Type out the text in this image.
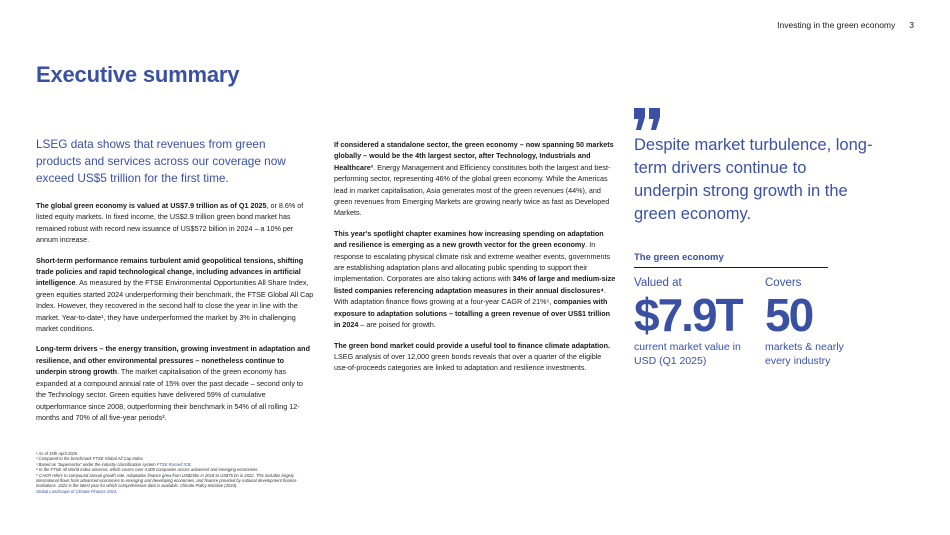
Investing in the green economy 3
Executive summary

LSEG data shows that revenues from green products and services across our coverage now exceed US$5 trillion for the first time.

The global green economy is valued at US$7.9 trillion as of Q1 2025, or 8.6% of listed equity markets. In fixed income, the US$2.9 trillion green bond market has remained robust with record new issuance of US$572 billion in 2024 – a 10% per annum increase.

Short-term performance remains turbulent amid geopolitical tensions, shifting trade policies and rapid technological change, including advances in artificial intelligence. As measured by the FTSE Environmental Opportunities All Share Index, green equities started 2024 underperforming their benchmark, the FTSE Global All Cap Index. However, they recovered in the second half to close the year in line with the market. Year-to-date¹, they have underperformed the market by 3% in challenging market conditions.

Long-term drivers – the energy transition, growing investment in adaptation and resilience, and other environmental pressures – nonetheless continue to underpin strong growth. The market capitalisation of the green economy has expanded at a compound annual rate of 15% over the past decade – second only to the Technology sector. Green equities have delivered 59% of cumulative outperformance since 2008, outperforming their benchmark in 54% of all rolling 12-months and 70% of all five-year periods².

If considered a standalone sector, the green economy – now spanning 50 markets globally – would be the 4th largest sector, after Technology, Industrials and Healthcare³. Energy Management and Efficiency constitutes both the largest and best-performing sector, representing 46% of the global green economy. While the Americas lead in market capitalisation, Asia generates most of the green revenues (44%), and green revenues from Emerging Markets are growing nearly twice as fast as Developed Markets.

This year's spotlight chapter examines how increasing spending on adaptation and resilience is emerging as a new growth vector for the green economy. In response to escalating physical climate risk and extreme weather events, governments are establishing adaptation plans and allocating public spending to support their implementation. Corporates are also taking actions with 34% of large and medium-size listed companies referencing adaptation measures in their annual disclosures⁴. With adaptation finance flows growing at a four-year CAGR of 21%⁵, companies with exposure to adaptation solutions – totalling a green revenue of over US$1 trillion in 2024 – are poised for growth.

The green bond market could provide a useful tool to finance climate adaptation. LSEG analysis of over 12,000 green bonds reveals that over a quarter of the eligible use-of-proceeds categories are linked to adaptation and resilience investments.

¹ As of 15th April 2025.
² Compared to the benchmark FTSE Global All Cap Index.
³ Based on 'Supersector' under the industry classification system FTSE Russell ICB.
⁴ In the FTSE All World Index universe, which covers over 4,000 companies across advanced and emerging economies.
⁵ CAGR refers to compound annual growth rate. Adaptation finance grew from US$25bn in 2018 to US$76 bn in 2022. This includes largely international flows from advanced economies to emerging and developing economies, and finance provided by national development finance institutions. 2022 is the latest year for which comprehensive data is available. Climate Policy Initiative (2024).
Global Landscape of Climate Finance 2024.

Despite market turbulence, long-term drivers continue to underpin strong growth in the green economy.

The green economy
Valued at
$7.9T
current market value in USD (Q1 2025)
Covers
50
markets & nearly every industry
